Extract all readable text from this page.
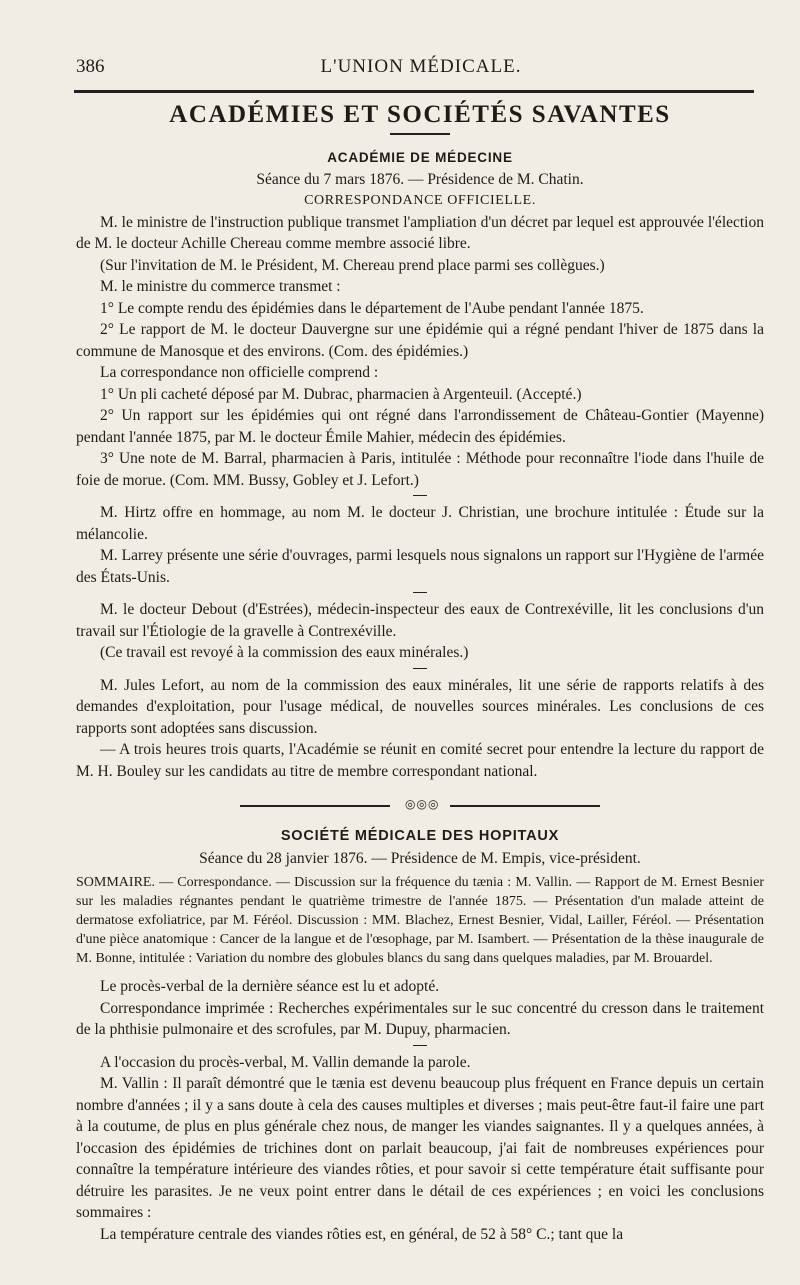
386	L'UNION MÉDICALE.
ACADÉMIES ET SOCIÉTÉS SAVANTES
ACADÉMIE DE MÉDECINE
Séance du 7 mars 1876. — Présidence de M. Chatin.
CORRESPONDANCE OFFICIELLE.

M. le ministre de l'instruction publique transmet l'ampliation d'un décret par lequel est approuvée l'élection de M. le docteur Achille Chereau comme membre associé libre.

(Sur l'invitation de M. le Président, M. Chereau prend place parmi ses collègues.)

M. le ministre du commerce transmet :

1° Le compte rendu des épidémies dans le département de l'Aube pendant l'année 1875.

2° Le rapport de M. le docteur Dauvergne sur une épidémie qui a régné pendant l'hiver de 1875 dans la commune de Manosque et des environs. (Com. des épidémies.)

La correspondance non officielle comprend :

1° Un pli cacheté déposé par M. Dubrac, pharmacien à Argenteuil. (Accepté.)

2° Un rapport sur les épidémies qui ont régné dans l'arrondissement de Château-Gontier (Mayenne) pendant l'année 1875, par M. le docteur Émile Mahier, médecin des épidémies.

3° Une note de M. Barral, pharmacien à Paris, intitulée : Méthode pour reconnaître l'iode dans l'huile de foie de morue. (Com. MM. Bussy, Gobley et J. Lefort.)

M. Hirtz offre en hommage, au nom M. le docteur J. Christian, une brochure intitulée : Étude sur la mélancolie.

M. Larrey présente une série d'ouvrages, parmi lesquels nous signalons un rapport sur l'Hygiène de l'armée des États-Unis.

M. le docteur Debout (d'Estrées), médecin-inspecteur des eaux de Contrexéville, lit les conclusions d'un travail sur l'Étiologie de la gravelle à Contrexéville.

(Ce travail est revoyé à la commission des eaux minérales.)

M. Jules Lefort, au nom de la commission des eaux minérales, lit une série de rapports relatifs à des demandes d'exploitation, pour l'usage médical, de nouvelles sources minérales. Les conclusions de ces rapports sont adoptées sans discussion.

— A trois heures trois quarts, l'Académie se réunit en comité secret pour entendre la lecture du rapport de M. H. Bouley sur les candidats au titre de membre correspondant national.

◎◎◎
SOCIÉTÉ MÉDICALE DES HOPITAUX
Séance du 28 janvier 1876. — Présidence de M. Empis, vice-président.

SOMMAIRE. — Correspondance. — Discussion sur la fréquence du tænia : M. Vallin. — Rapport de M. Ernest Besnier sur les maladies régnantes pendant le quatrième trimestre de l'année 1875. — Présentation d'un malade atteint de dermatose exfoliatrice, par M. Féréol. Discussion : MM. Blachez, Ernest Besnier, Vidal, Lailler, Féréol. — Présentation d'une pièce anatomique : Cancer de la langue et de l'œsophage, par M. Isambert. — Présentation de la thèse inaugurale de M. Bonne, intitulée : Variation du nombre des globules blancs du sang dans quelques maladies, par M. Brouardel.

Le procès-verbal de la dernière séance est lu et adopté.

Correspondance imprimée : Recherches expérimentales sur le suc concentré du cresson dans le traitement de la phthisie pulmonaire et des scrofules, par M. Dupuy, pharmacien.

A l'occasion du procès-verbal, M. Vallin demande la parole.

M. Vallin : Il paraît démontré que le tænia est devenu beaucoup plus fréquent en France depuis un certain nombre d'années ; il y a sans doute à cela des causes multiples et diverses ; mais peut-être faut-il faire une part à la coutume, de plus en plus générale chez nous, de manger les viandes saignantes. Il y a quelques années, à l'occasion des épidémies de trichines dont on parlait beaucoup, j'ai fait de nombreuses expériences pour connaître la température intérieure des viandes rôties, et pour savoir si cette température était suffisante pour détruire les parasites. Je ne veux point entrer dans le détail de ces expériences ; en voici les conclusions sommaires :

La température centrale des viandes rôties est, en général, de 52 à 58° C.; tant que la
